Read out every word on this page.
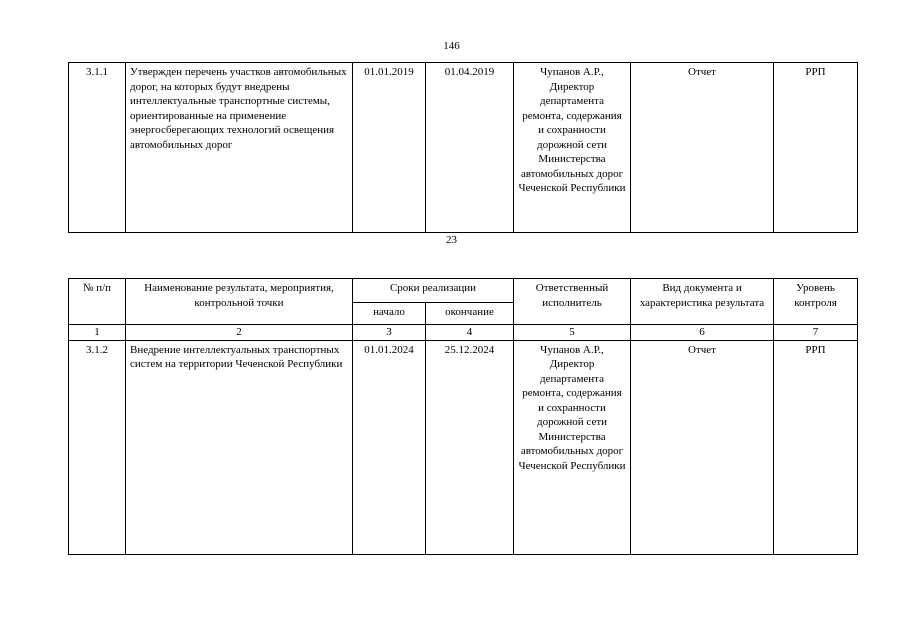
146
3.1.1	Утвержден перечень участков автомобильных дорог, на которых будут внедрены интеллектуальные транспортные системы, ориентированные на применение энергосберегающих технологий освещения автомобильных дорог	01.01.2019	01.04.2019	Чупанов А.Р., Директор департамента ремонта, содержания и сохранности дорожной сети Министерства автомобильных дорог Чеченской Республики	Отчет	РРП
23
№ п/п	Наименование результата, мероприятия, контрольной точки	Сроки реализации		Ответственный исполнитель	Вид документа и характеристика результата	Уровень контроля
		начало	окончание			
1	2	3	4	5	6	7
3.1.2	Внедрение интеллектуальных транспортных систем на территории Чеченской Республики	01.01.2024	25.12.2024	Чупанов А.Р., Директор департамента ремонта, содержания и сохранности дорожной сети Министерства автомобильных дорог Чеченской Республики	Отчет	РРП
